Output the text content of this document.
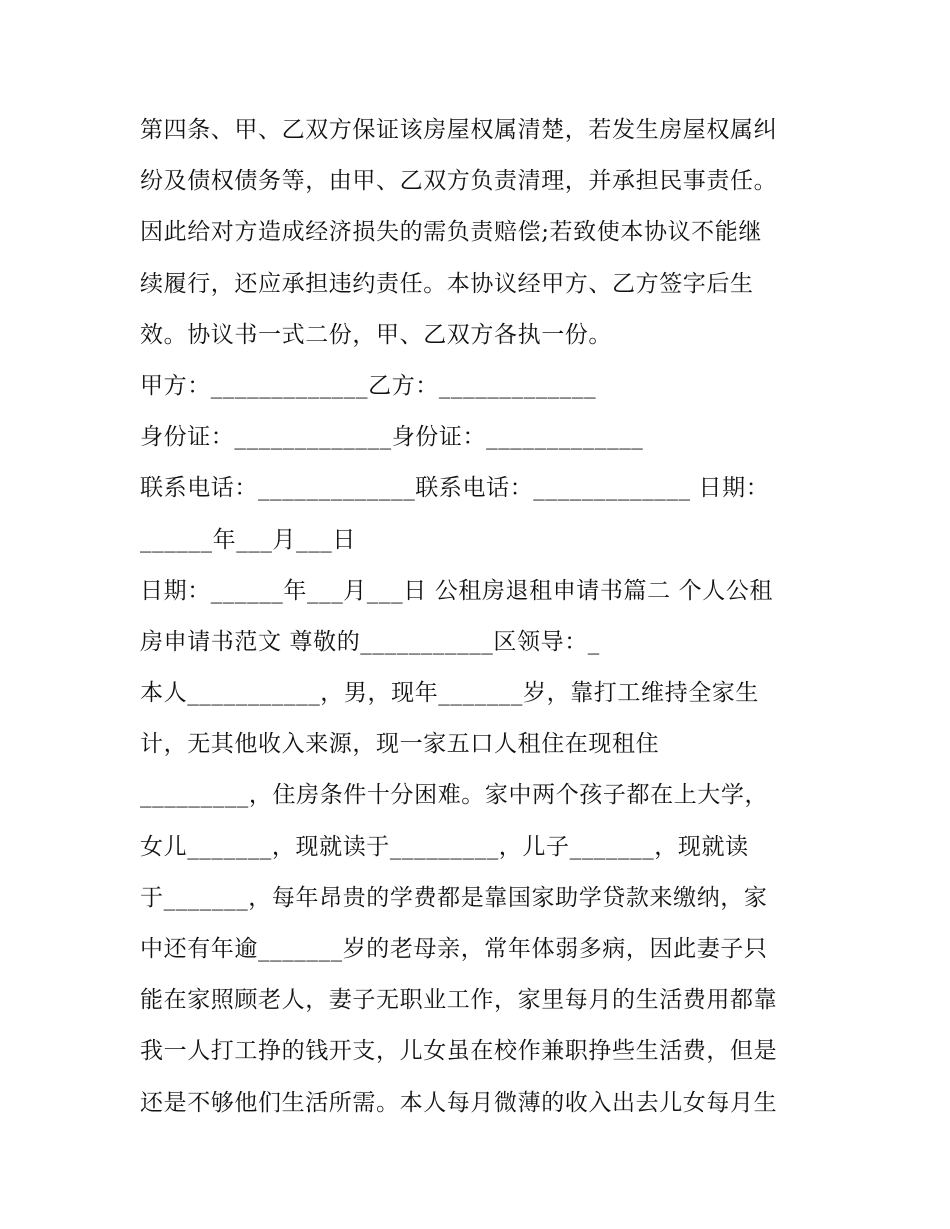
第四条、甲、乙双方保证该房屋权属清楚，若发生房屋权属纠
纷及债权债务等，由甲、乙双方负责清理，并承担民事责任。
因此给对方造成经济损失的需负责赔偿;若致使本协议不能继
续履行，还应承担违约责任。本协议经甲方、乙方签字后生
效。协议书一式二份，甲、乙双方各执一份。
甲方：_____________乙方：_____________
身份证：_____________身份证：_____________
联系电话：_____________联系电话：_____________ 日期：
______年___月___日
日期：______年___月___日 公租房退租申请书篇二 个人公租
房申请书范文 尊敬的___________区领导：_
本人___________，男，现年_______岁，靠打工维持全家生
计，无其他收入来源，现一家五口人租住在现租住
_________，住房条件十分困难。家中两个孩子都在上大学，
女儿_______，现就读于_________，儿子_______，现就读
于_______，每年昂贵的学费都是靠国家助学贷款来缴纳，家
中还有年逾_______岁的老母亲，常年体弱多病，因此妻子只
能在家照顾老人，妻子无职业工作，家里每月的生活费用都靠
我一人打工挣的钱开支，儿女虽在校作兼职挣些生活费，但是
还是不够他们生活所需。本人每月微薄的收入出去儿女每月生
